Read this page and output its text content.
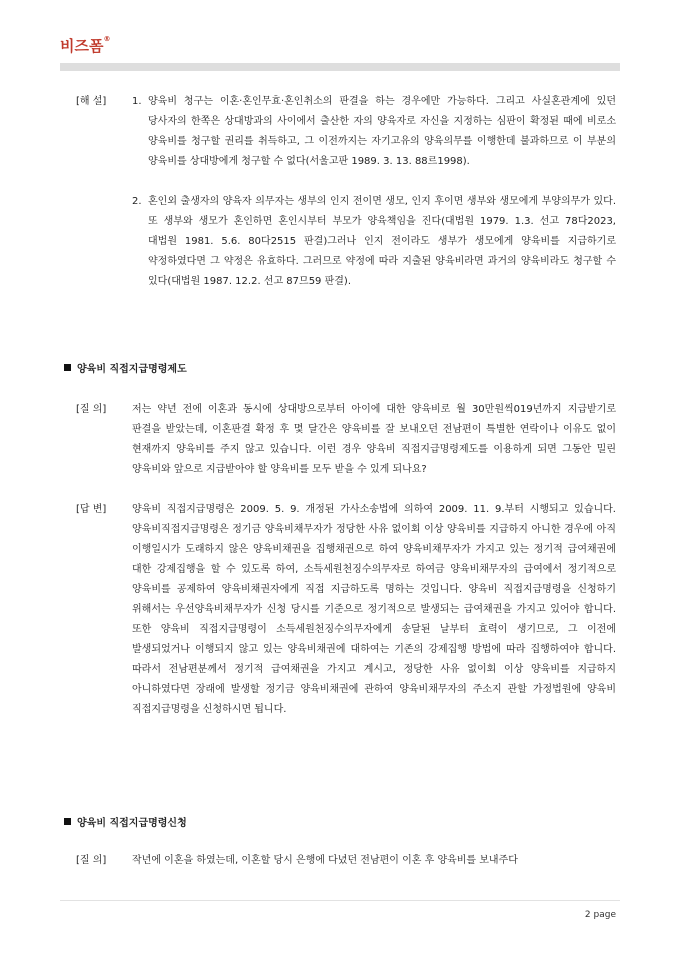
비즈폼®
[해 설]	1. 양육비 청구는 이혼·혼인무효·혼인취소의 판결을 하는 경우에만 가능하다. 그리고 사실혼관계에 있던 당사자의 한쪽은 상대방과의 사이에서 출산한 자의 양육자로 자신을 지정하는 심판이 확정된 때에 비로소 양육비를 청구할 권리를 취득하고, 그 이전까지는 자기고유의 양육의무를 이행한데 불과하므로 이 부분의 양육비를 상대방에게 청구할 수 없다(서울고판 1989. 3. 13. 88르1998).

2. 혼인외 출생자의 양육자 의무자는 생부의 인지 전이면 생모, 인지 후이면 생부와 생모에게 부양의무가 있다. 또 생부와 생모가 혼인하면 혼인시부터 부모가 양육책임을 진다(대법원 1979. 1.3. 선고 78다2023, 대법원 1981. 5.6. 80다2515 판결)그러나 인지 전이라도 생부가 생모에게 양육비를 지급하기로 약정하였다면 그 약정은 유효하다. 그러므로 약정에 따라 지출된 양육비라면 과거의 양육비라도 청구할 수 있다(대법원 1987. 12.2. 선고 87므59 판결).

양육비 직접지급명령제도
[질 의]	저는 약년 전에 이혼과 동시에 상대방으로부터 아이에 대한 양육비로 월 30만원씩019년까지 지급받기로 판결을 받았는데, 이혼판결 확정 후 몇 달간은 양육비를 잘 보내오던 전남편이 특별한 연락이나 이유도 없이 현재까지 양육비를 주지 않고 있습니다. 이런 경우 양육비 직접지급명령제도를 이용하게 되면 그동안 밀린 양육비와 앞으로 지급받아야 할 양육비를 모두 받을 수 있게 되나요?

[답 변]	양육비 직접지급명령은 2009. 5. 9. 개정된 가사소송법에 의하여 2009. 11. 9.부터 시행되고 있습니다. 양육비직접지급명령은 정기금 양육비채무자가 정당한 사유 없이회 이상 양육비를 지급하지 아니한 경우에 아직 이행일시가 도래하지 않은 양육비채권을 집행채권으로 하여 양육비채무자가 가지고 있는 정기적 급여채권에 대한 강제집행을 할 수 있도록 하여, 소득세원천징수의무자로 하여금 양육비채무자의 급여에서 정기적으로 양육비를 공제하여 양육비채권자에게 직접 지급하도록 명하는 것입니다. 양육비 직접지급명령을 신청하기 위해서는 우선양육비채무자가 신청 당시를 기준으로 정기적으로 발생되는 급여채권을 가지고 있어야 합니다. 또한 양육비 직접지급명령이 소득세원천징수의무자에게 송달된 날부터 효력이 생기므로, 그 이전에 발생되었거나 이행되지 않고 있는 양육비채권에 대하여는 기존의 강제집행 방법에 따라 집행하여야 합니다. 따라서 전남편분께서 정기적 급여채권을 가지고 계시고, 정당한 사유 없이회 이상 양육비를 지급하지 아니하였다면 장래에 발생할 정기금 양육비채권에 관하여 양육비채무자의 주소지 관할 가정법원에 양육비 직접지급명령을 신청하시면 됩니다.

양육비 직접지급명령신청
[질 의]	작년에 이혼을 하였는데, 이혼할 당시 은행에 다녔던 전남편이 이혼 후 양육비를 보내주다

2 page
